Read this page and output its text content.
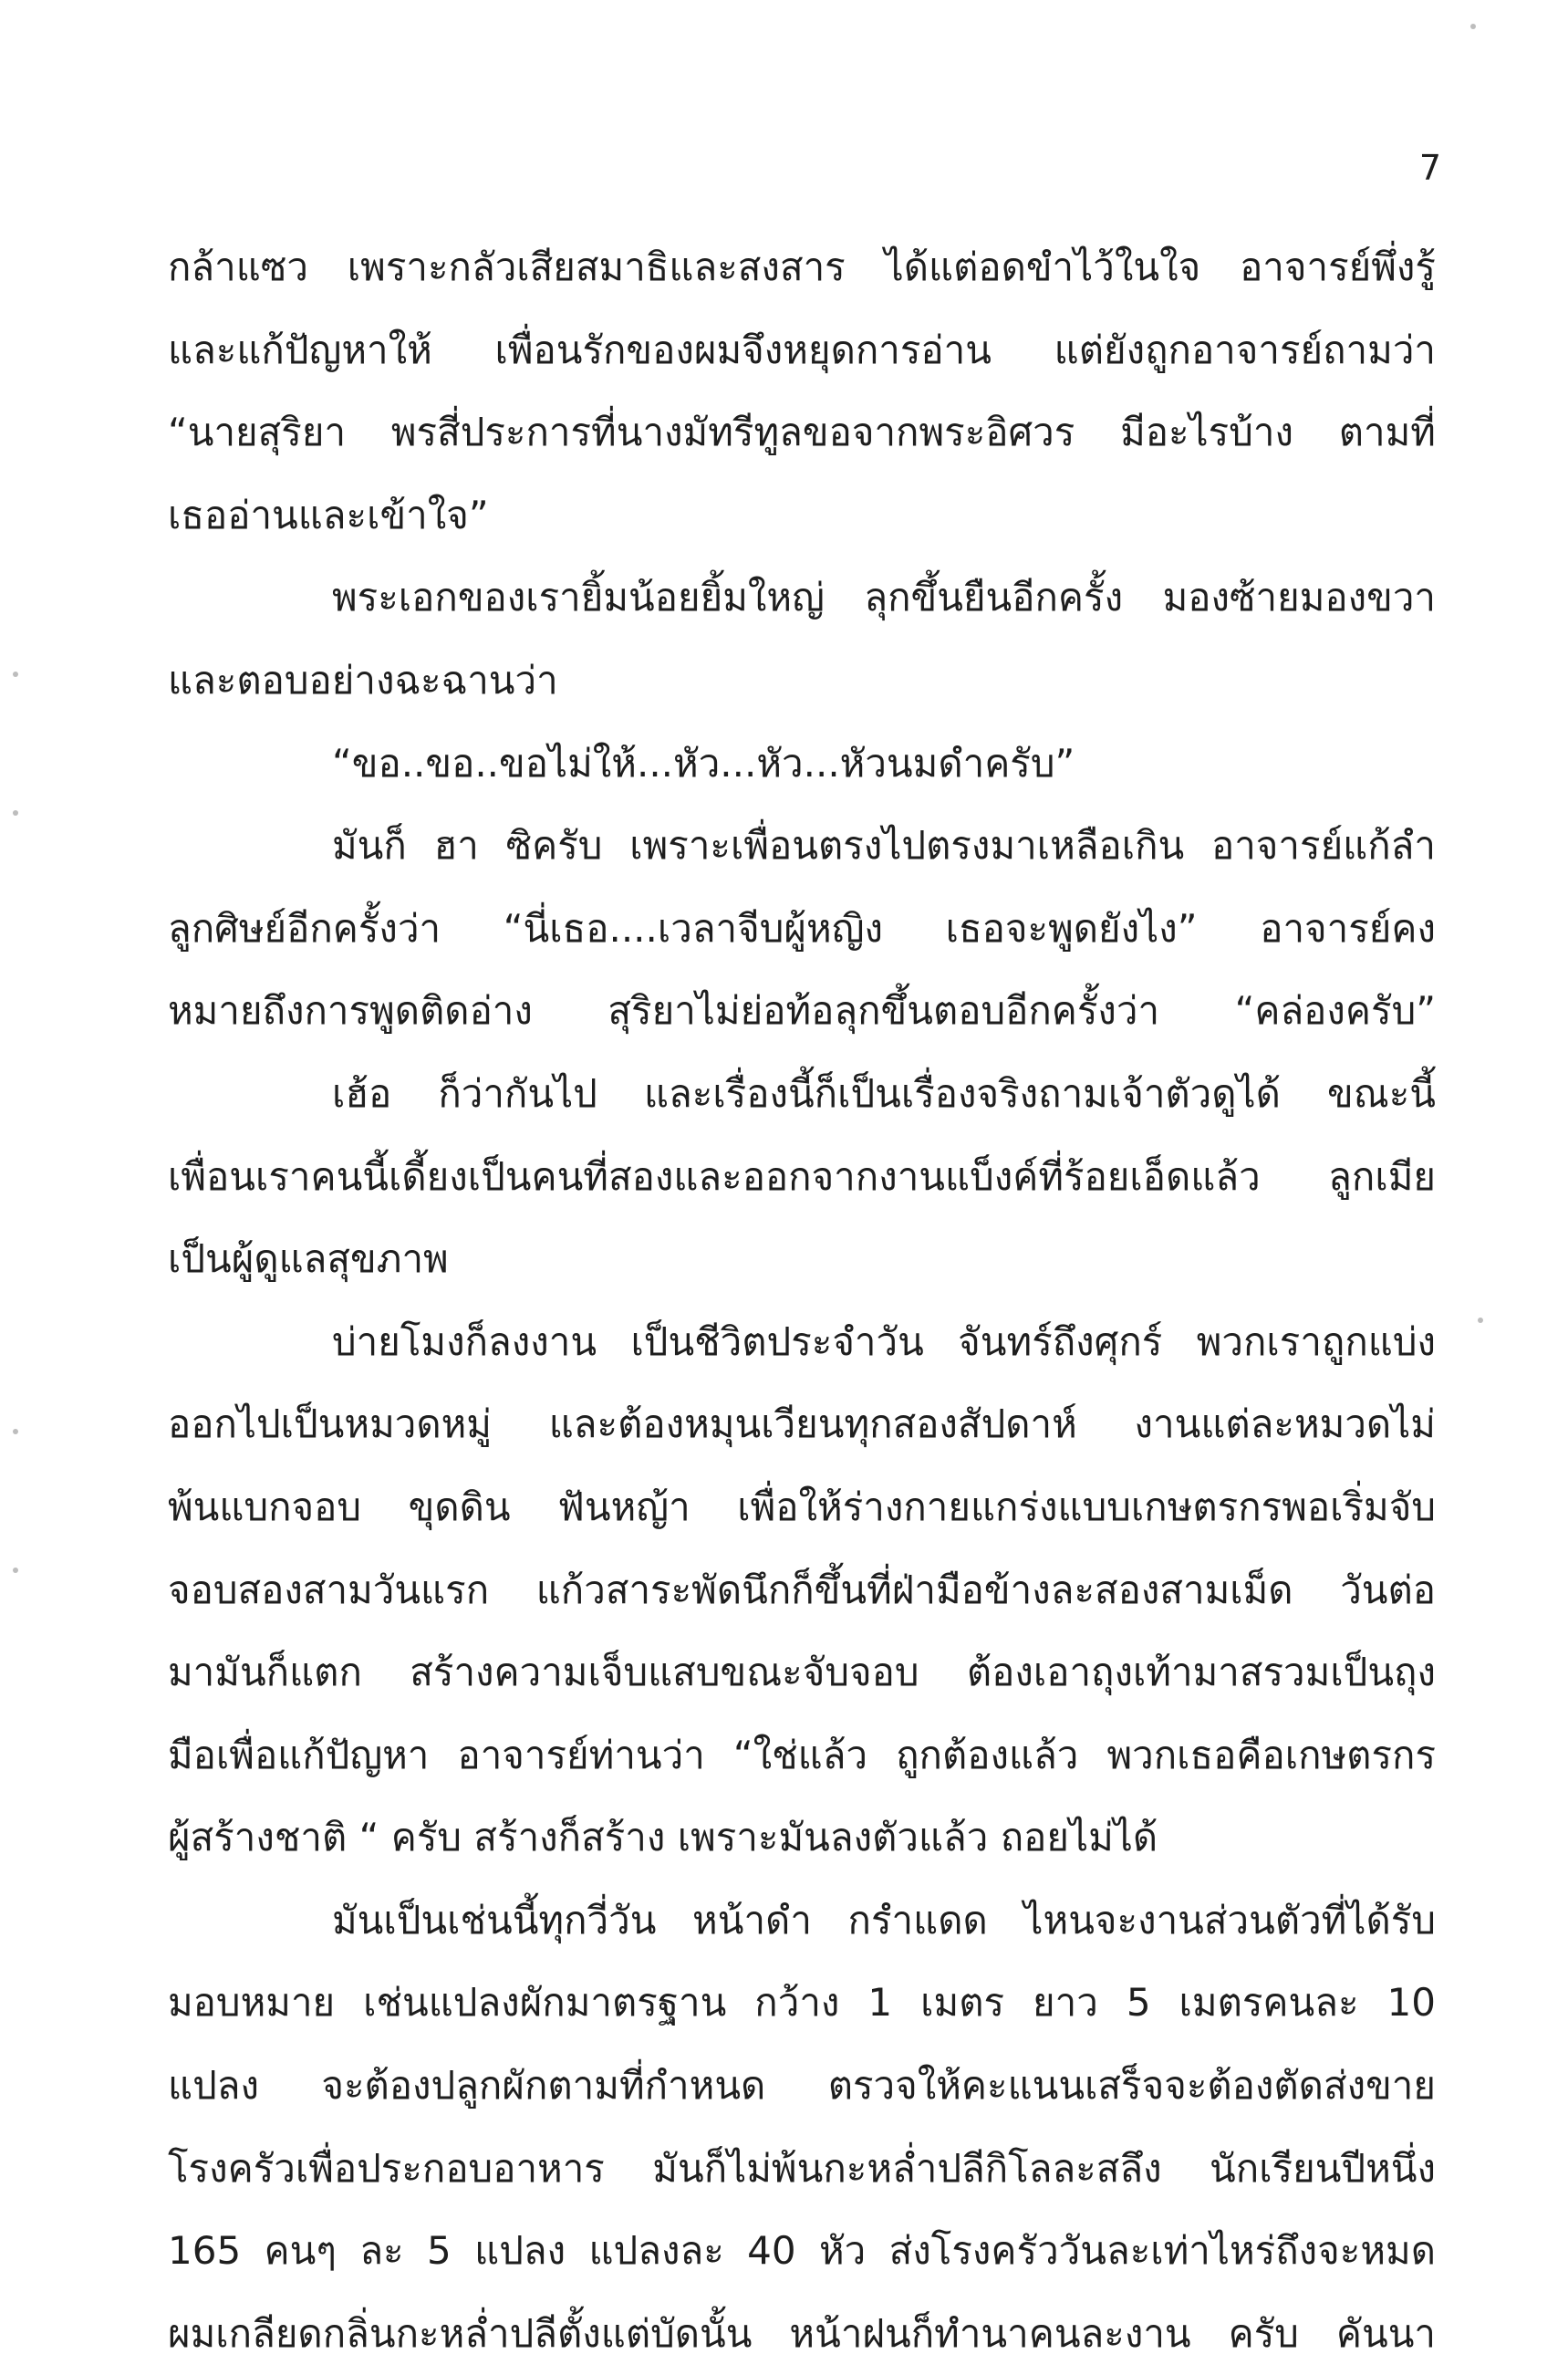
7
กล้าแซว เพราะกลัวเสียสมาธิและสงสาร ได้แต่อดขำไว้ในใจ อาจารย์พึ่งรู้
และแก้ปัญหาให้ เพื่อนรักของผมจึงหยุดการอ่าน แต่ยังถูกอาจารย์ถามว่า
“นายสุริยา พรสี่ประการที่นางมัทรีทูลขอจากพระอิศวร มีอะไรบ้าง ตามที่
เธออ่านและเข้าใจ”
พระเอกของเรายิ้มน้อยยิ้มใหญ่ ลุกขึ้นยืนอีกครั้ง มองซ้ายมองขวา
และตอบอย่างฉะฉานว่า
“ขอ..ขอ..ขอไม่ให้...หัว...หัว...หัวนมดำครับ”
มันก็ ฮา ซิครับ เพราะเพื่อนตรงไปตรงมาเหลือเกิน อาจารย์แก้ลำ
ลูกศิษย์อีกครั้งว่า “นี่เธอ....เวลาจีบผู้หญิง เธอจะพูดยังไง” อาจารย์คง
หมายถึงการพูดติดอ่าง สุริยาไม่ย่อท้อลุกขึ้นตอบอีกครั้งว่า “คล่องครับ”
เฮ้อ ก็ว่ากันไป และเรื่องนี้ก็เป็นเรื่องจริงถามเจ้าตัวดูได้ ขณะนี้
เพื่อนเราคนนี้เดี้ยงเป็นคนที่สองและออกจากงานแบ็งค์ที่ร้อยเอ็ดแล้ว ลูกเมีย
เป็นผู้ดูแลสุขภาพ
บ่ายโมงก็ลงงาน เป็นชีวิตประจำวัน จันทร์ถึงศุกร์ พวกเราถูกแบ่ง
ออกไปเป็นหมวดหมู่ และต้องหมุนเวียนทุกสองสัปดาห์ งานแต่ละหมวดไม่
พ้นแบกจอบ ขุดดิน ฟันหญ้า เพื่อให้ร่างกายแกร่งแบบเกษตรกรพอเริ่มจับ
จอบสองสามวันแรก แก้วสาระพัดนึกก็ขึ้นที่ฝ่ามือข้างละสองสามเม็ด วันต่อ
มามันก็แตก สร้างความเจ็บแสบขณะจับจอบ ต้องเอาถุงเท้ามาสรวมเป็นถุง
มือเพื่อแก้ปัญหา อาจารย์ท่านว่า “ใช่แล้ว ถูกต้องแล้ว พวกเธอคือเกษตรกร
ผู้สร้างชาติ “ ครับ สร้างก็สร้าง เพราะมันลงตัวแล้ว ถอยไม่ได้
มันเป็นเช่นนี้ทุกวี่วัน หน้าดำ กรำแดด ไหนจะงานส่วนตัวที่ได้รับ
มอบหมาย เช่นแปลงผักมาตรฐาน กว้าง 1 เมตร ยาว 5 เมตรคนละ 10
แปลง จะต้องปลูกผักตามที่กำหนด ตรวจให้คะแนนเสร็จจะต้องตัดส่งขาย
โรงครัวเพื่อประกอบอาหาร มันก็ไม่พ้นกะหล่ำปลีกิโลละสลึง นักเรียนปีหนึ่ง
165 คนๆ ละ 5 แปลง แปลงละ 40 หัว ส่งโรงครัววันละเท่าไหร่ถึงจะหมด
ผมเกลียดกลิ่นกะหล่ำปลีตั้งแต่บัดนั้น หน้าฝนก็ทำนาคนละงาน ครับ คันนา
